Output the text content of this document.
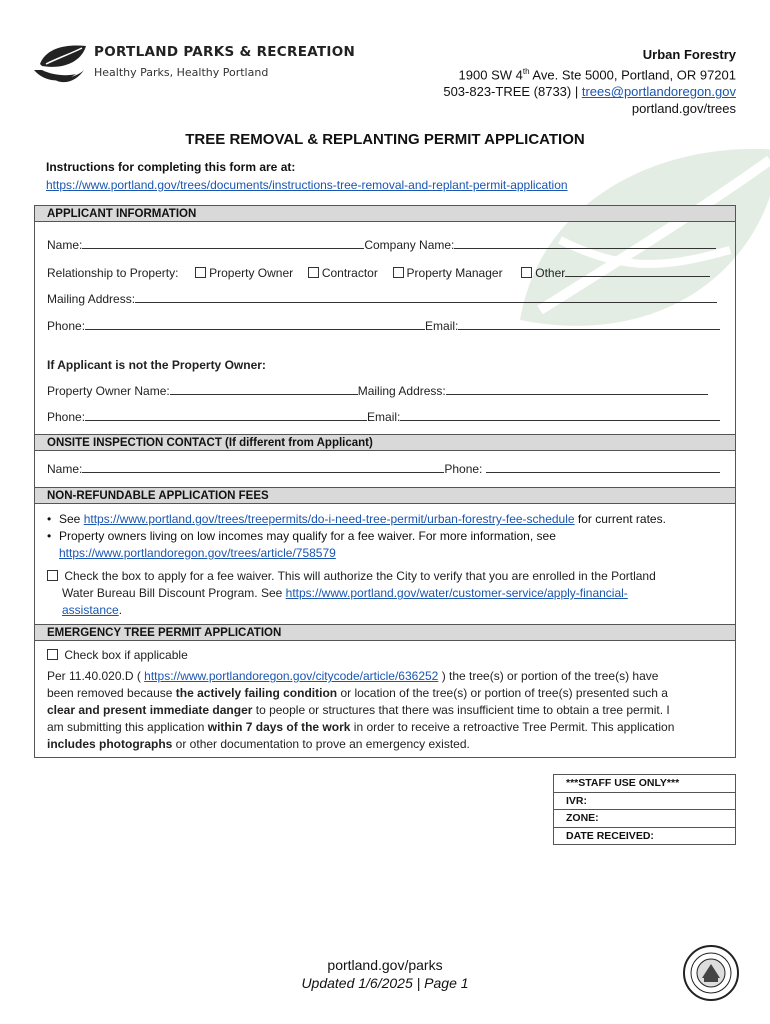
PORTLAND PARKS & RECREATION
Healthy Parks, Healthy Portland
Urban Forestry
1900 SW 4th Ave. Ste 5000, Portland, OR 97201
503-823-TREE (8733) | trees@portlandoregon.gov
portland.gov/trees
TREE REMOVAL & REPLANTING PERMIT APPLICATION
Instructions for completing this form are at:
https://www.portland.gov/trees/documents/instructions-tree-removal-and-replant-permit-application
APPLICANT INFORMATION
Name:	Company Name:
Relationship to Property:	Property Owner Contractor Property Manager	Other
Mailing Address:
Phone:	Email:
If Applicant is not the Property Owner:
Property Owner Name:	Mailing Address:
Phone:	Email:
ONSITE INSPECTION CONTACT (If different from Applicant)
Name:	Phone:
NON-REFUNDABLE APPLICATION FEES
• See https://www.portland.gov/trees/treepermits/do-i-need-tree-permit/urban-forestry-fee-schedule for current rates.
• Property owners living on low incomes may qualify for a fee waiver. For more information, see
https://www.portlandoregon.gov/trees/article/758579
Check the box to apply for a fee waiver. This will authorize the City to verify that you are enrolled in the Portland
Water Bureau Bill Discount Program. See https://www.portland.gov/water/customer-service/apply-financial-
assistance.
EMERGENCY TREE PERMIT APPLICATION
Check box if applicable
Per 11.40.020.D ( https://www.portlandoregon.gov/citycode/article/636252 ) the tree(s) or portion of the tree(s) have
been removed because the actively failing condition or location of the tree(s) or portion of tree(s) presented such a
clear and present immediate danger to people or structures that there was insufficient time to obtain a tree permit. I
am submitting this application within 7 days of the work in order to receive a retroactive Tree Permit. This application
includes photographs or other documentation to prove an emergency existed.
***STAFF USE ONLY***
IVR:
ZONE:
DATE RECEIVED:
portland.gov/parks
Updated 1/6/2025 | Page 1
